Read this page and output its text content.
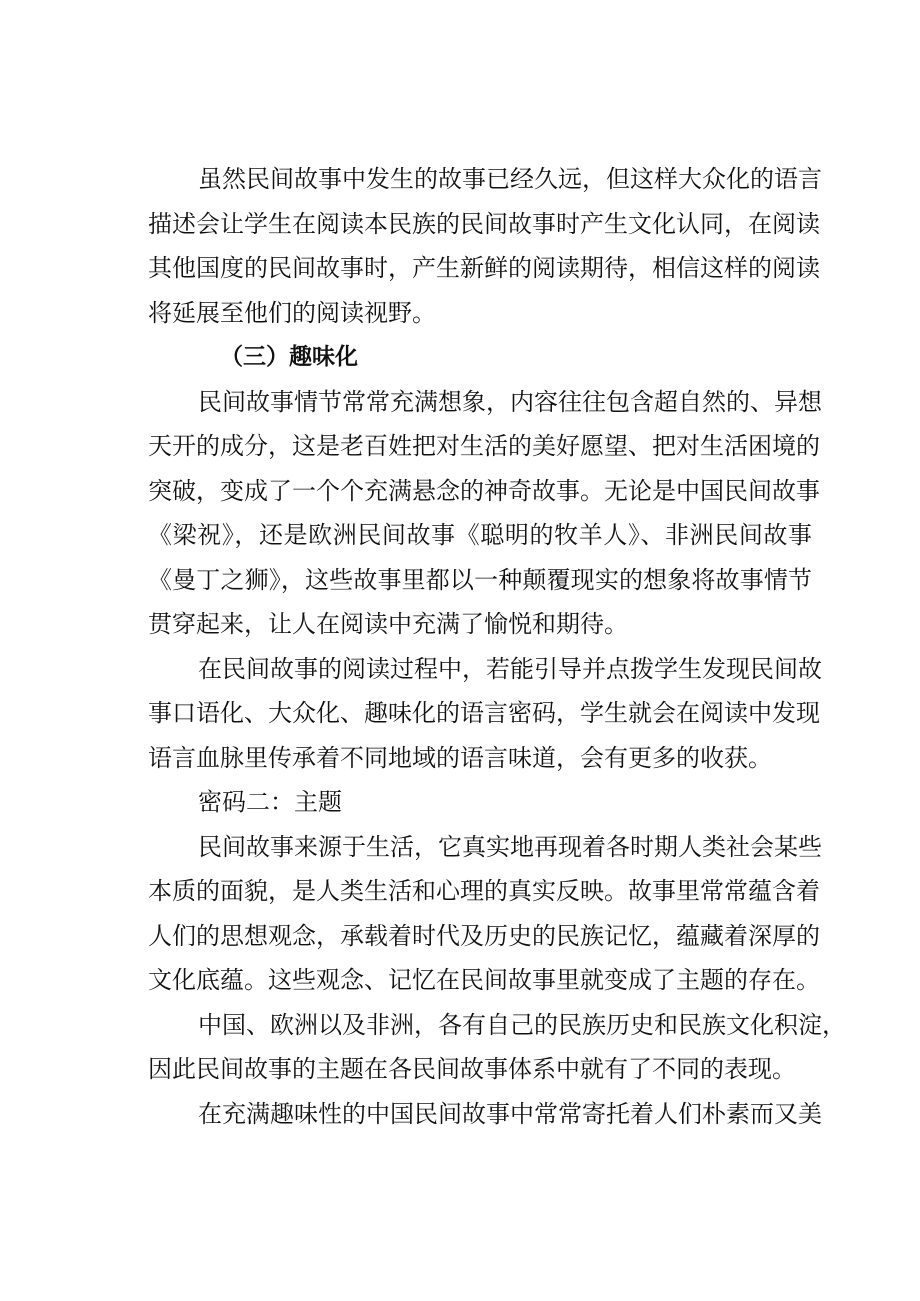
虽然民间故事中发生的故事已经久远，但这样大众化的语言
描述会让学生在阅读本民族的民间故事时产生文化认同，在阅读
其他国度的民间故事时，产生新鲜的阅读期待，相信这样的阅读
将延展至他们的阅读视野。
（三）趣味化
民间故事情节常常充满想象，内容往往包含超自然的、异想
天开的成分，这是老百姓把对生活的美好愿望、把对生活困境的
突破，变成了一个个充满悬念的神奇故事。无论是中国民间故事
《梁祝》，还是欧洲民间故事《聪明的牧羊人》、非洲民间故事
《曼丁之狮》，这些故事里都以一种颠覆现实的想象将故事情节
贯穿起来，让人在阅读中充满了愉悦和期待。
在民间故事的阅读过程中，若能引导并点拨学生发现民间故
事口语化、大众化、趣味化的语言密码，学生就会在阅读中发现
语言血脉里传承着不同地域的语言味道，会有更多的收获。
密码二：主题
民间故事来源于生活，它真实地再现着各时期人类社会某些
本质的面貌，是人类生活和心理的真实反映。故事里常常蕴含着
人们的思想观念，承载着时代及历史的民族记忆，蕴藏着深厚的
文化底蕴。这些观念、记忆在民间故事里就变成了主题的存在。
中国、欧洲以及非洲，各有自己的民族历史和民族文化积淀，
因此民间故事的主题在各民间故事体系中就有了不同的表现。
在充满趣味性的中国民间故事中常常寄托着人们朴素而又美
